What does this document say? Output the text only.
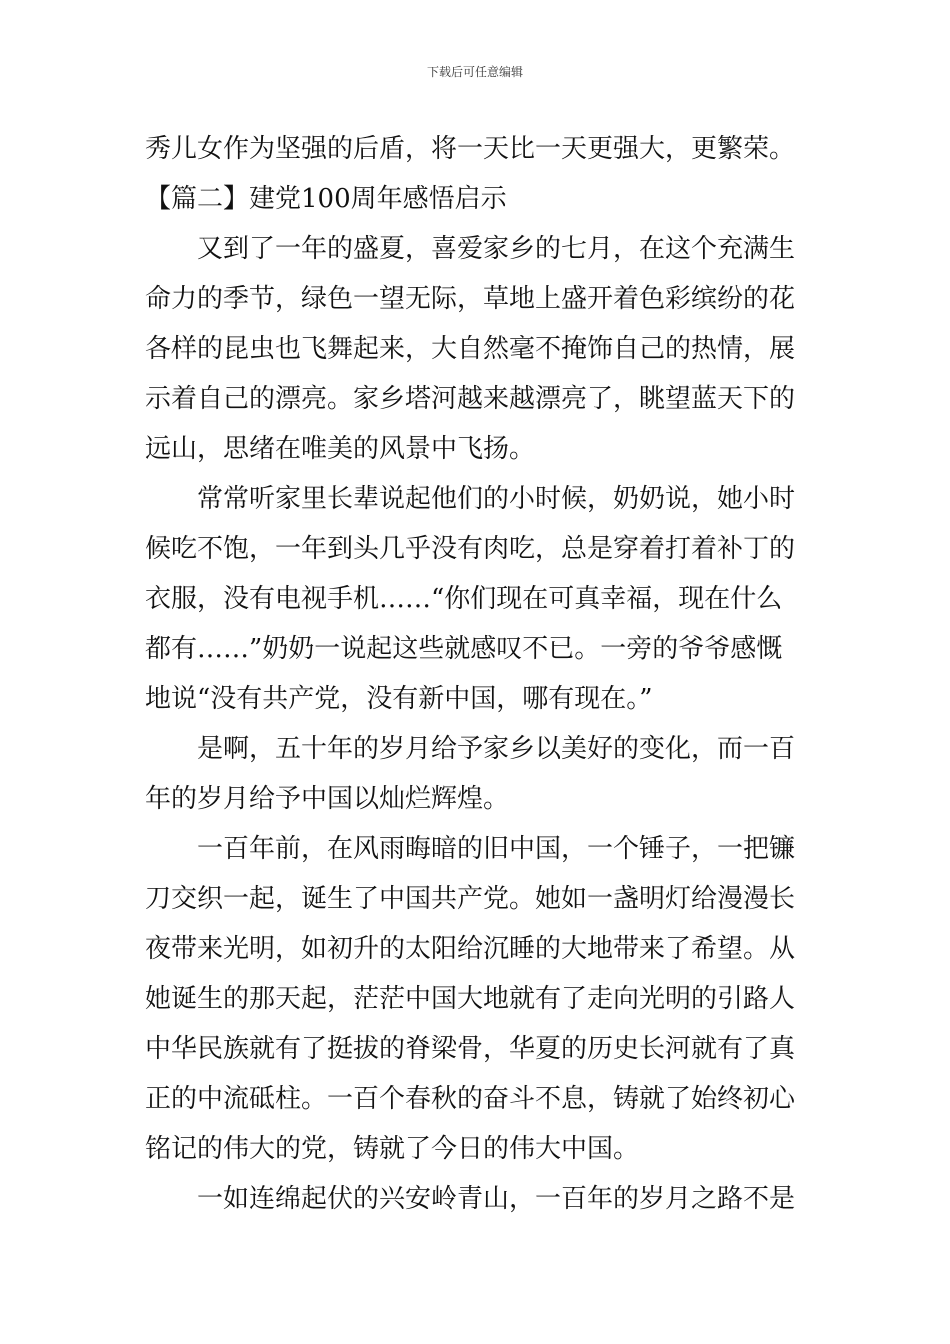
下载后可任意编辑
秀儿女作为坚强的后盾，将一天比一天更强大，更繁荣。
【篇二】建党100周年感悟启示
又到了一年的盛夏，喜爱家乡的七月，在这个充满生
命力的季节，绿色一望无际，草地上盛开着色彩缤纷的花
各样的昆虫也飞舞起来，大自然毫不掩饰自己的热情，展
示着自己的漂亮。家乡塔河越来越漂亮了，眺望蓝天下的
远山，思绪在唯美的风景中飞扬。
常常听家里长辈说起他们的小时候，奶奶说，她小时
候吃不饱，一年到头几乎没有肉吃，总是穿着打着补丁的
衣服，没有电视手机……“你们现在可真幸福，现在什么
都有……”奶奶一说起这些就感叹不已。一旁的爷爷感慨
地说“没有共产党，没有新中国，哪有现在。”
是啊，五十年的岁月给予家乡以美好的变化，而一百
年的岁月给予中国以灿烂辉煌。
一百年前，在风雨晦暗的旧中国，一个锤子，一把镰
刀交织一起，诞生了中国共产党。她如一盏明灯给漫漫长
夜带来光明，如初升的太阳给沉睡的大地带来了希望。从
她诞生的那天起，茫茫中国大地就有了走向光明的引路人
中华民族就有了挺拔的脊梁骨，华夏的历史长河就有了真
正的中流砥柱。一百个春秋的奋斗不息，铸就了始终初心
铭记的伟大的党，铸就了今日的伟大中国。
一如连绵起伏的兴安岭青山，一百年的岁月之路不是
